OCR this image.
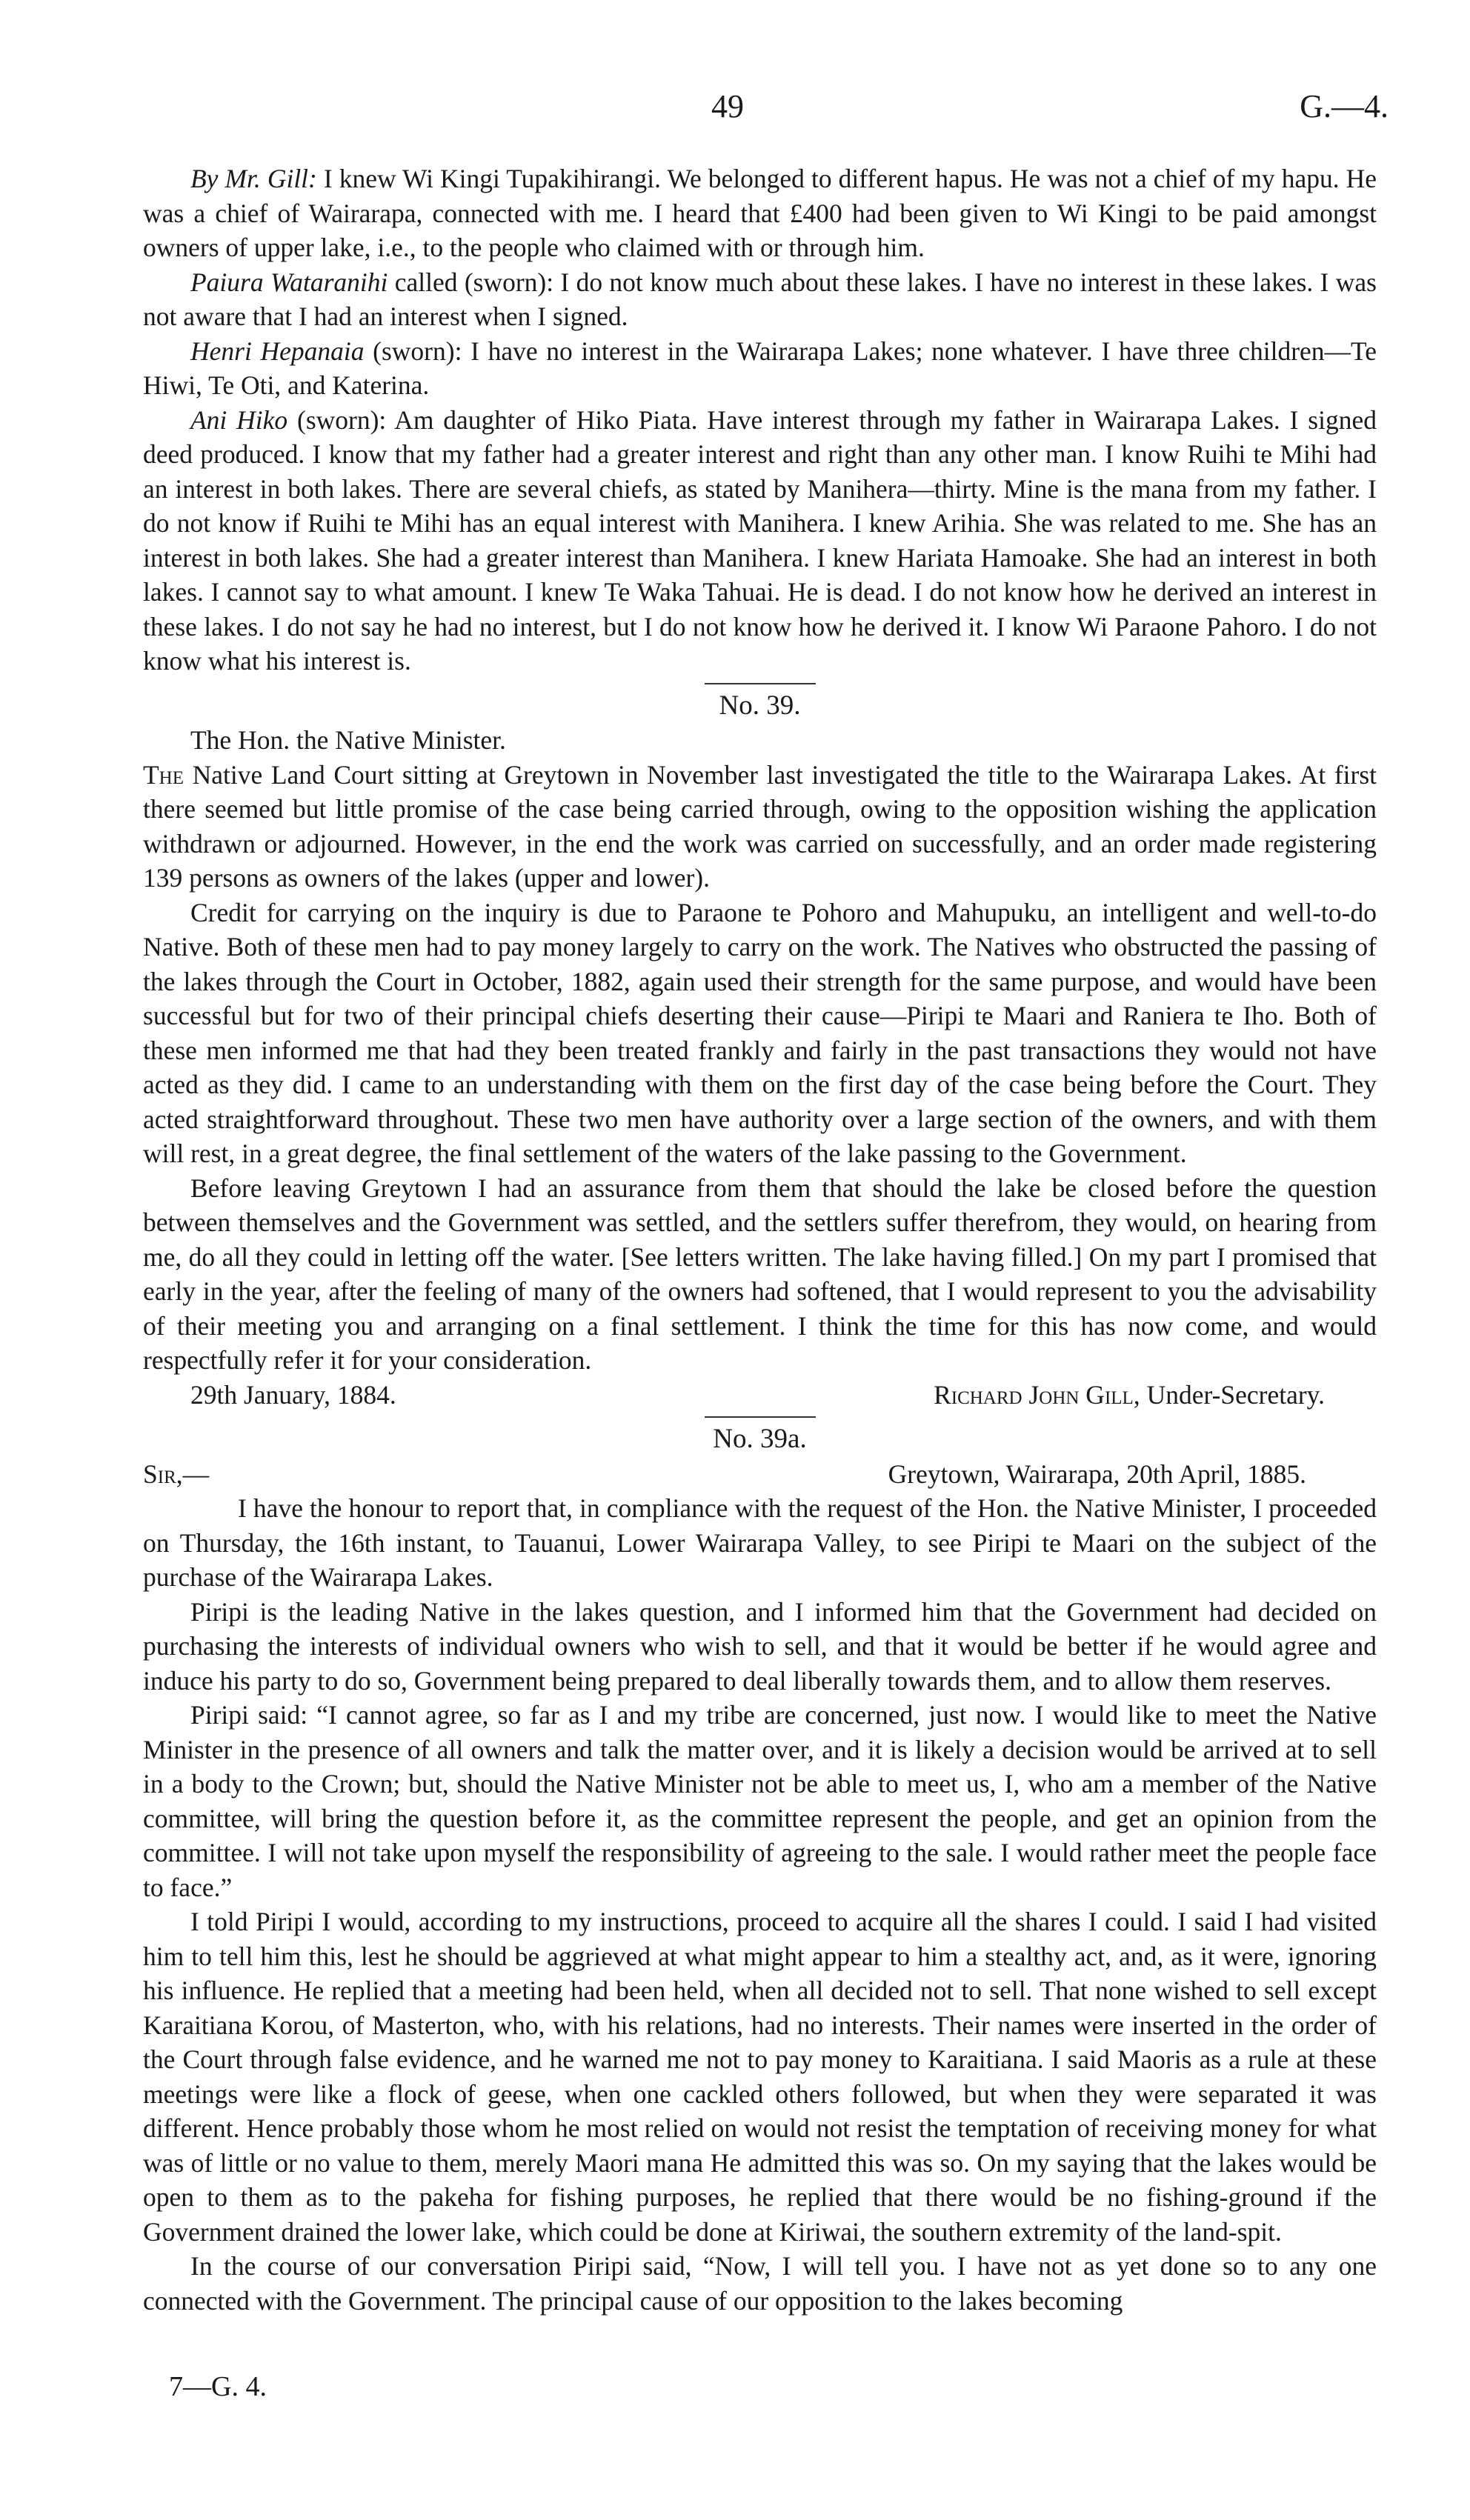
49	G.—4.

By Mr. Gill: I knew Wi Kingi Tupakihirangi. We belonged to different hapus. He was not a chief of my hapu. He was a chief of Wairarapa, connected with me. I heard that £400 had been given to Wi Kingi to be paid amongst owners of upper lake, i.e., to the people who claimed with or through him.

Paiura Wataranihi called (sworn): I do not know much about these lakes. I have no interest in these lakes. I was not aware that I had an interest when I signed.

Henri Hepanaia (sworn): I have no interest in the Wairarapa Lakes; none whatever. I have three children—Te Hiwi, Te Oti, and Katerina.

Ani Hiko (sworn): Am daughter of Hiko Piata. Have interest through my father in Wairarapa Lakes. I signed deed produced. I know that my father had a greater interest and right than any other man. I know Ruihi te Mihi had an interest in both lakes. There are several chiefs, as stated by Manihera—thirty. Mine is the mana from my father. I do not know if Ruihi te Mihi has an equal interest with Manihera. I knew Arihia. She was related to me. She has an interest in both lakes. She had a greater interest than Manihera. I knew Hariata Hamoake. She had an interest in both lakes. I cannot say to what amount. I knew Te Waka Tahuai. He is dead. I do not know how he derived an interest in these lakes. I do not say he had no interest, but I do not know how he derived it. I know Wi Paraone Pahoro. I do not know what his interest is.

No. 39.

The Hon. the Native Minister.

The Native Land Court sitting at Greytown in November last investigated the title to the Wairarapa Lakes. At first there seemed but little promise of the case being carried through, owing to the opposition wishing the application withdrawn or adjourned. However, in the end the work was carried on successfully, and an order made registering 139 persons as owners of the lakes (upper and lower).

Credit for carrying on the inquiry is due to Paraone te Pohoro and Mahupuku, an intelligent and well-to-do Native. Both of these men had to pay money largely to carry on the work. The Natives who obstructed the passing of the lakes through the Court in October, 1882, again used their strength for the same purpose, and would have been successful but for two of their principal chiefs deserting their cause—Piripi te Maari and Raniera te Iho. Both of these men informed me that had they been treated frankly and fairly in the past transactions they would not have acted as they did. I came to an understanding with them on the first day of the case being before the Court. They acted straightforward throughout. These two men have authority over a large section of the owners, and with them will rest, in a great degree, the final settlement of the waters of the lake passing to the Government.

Before leaving Greytown I had an assurance from them that should the lake be closed before the question between themselves and the Government was settled, and the settlers suffer therefrom, they would, on hearing from me, do all they could in letting off the water. [See letters written. The lake having filled.] On my part I promised that early in the year, after the feeling of many of the owners had softened, that I would represent to you the advisability of their meeting you and arranging on a final settlement. I think the time for this has now come, and would respectfully refer it for your consideration.

29th January, 1884.	Richard John Gill, Under-Secretary.

No. 39a.

Sir,—	Greytown, Wairarapa, 20th April, 1885.

I have the honour to report that, in compliance with the request of the Hon. the Native Minister, I proceeded on Thursday, the 16th instant, to Tauanui, Lower Wairarapa Valley, to see Piripi te Maari on the subject of the purchase of the Wairarapa Lakes.

Piripi is the leading Native in the lakes question, and I informed him that the Government had decided on purchasing the interests of individual owners who wish to sell, and that it would be better if he would agree and induce his party to do so, Government being prepared to deal liberally towards them, and to allow them reserves.

Piripi said: “I cannot agree, so far as I and my tribe are concerned, just now. I would like to meet the Native Minister in the presence of all owners and talk the matter over, and it is likely a decision would be arrived at to sell in a body to the Crown; but, should the Native Minister not be able to meet us, I, who am a member of the Native committee, will bring the question before it, as the committee represent the people, and get an opinion from the committee. I will not take upon myself the responsibility of agreeing to the sale. I would rather meet the people face to face.”

I told Piripi I would, according to my instructions, proceed to acquire all the shares I could. I said I had visited him to tell him this, lest he should be aggrieved at what might appear to him a stealthy act, and, as it were, ignoring his influence. He replied that a meeting had been held, when all decided not to sell. That none wished to sell except Karaitiana Korou, of Masterton, who, with his relations, had no interests. Their names were inserted in the order of the Court through false evidence, and he warned me not to pay money to Karaitiana. I said Maoris as a rule at these meetings were like a flock of geese, when one cackled others followed, but when they were separated it was different. Hence probably those whom he most relied on would not resist the temptation of receiving money for what was of little or no value to them, merely Maori mana He admitted this was so. On my saying that the lakes would be open to them as to the pakeha for fishing purposes, he replied that there would be no fishing-ground if the Government drained the lower lake, which could be done at Kiriwai, the southern extremity of the land-spit.

In the course of our conversation Piripi said, “Now, I will tell you. I have not as yet done so to any one connected with the Government. The principal cause of our opposition to the lakes becoming

7—G. 4.
